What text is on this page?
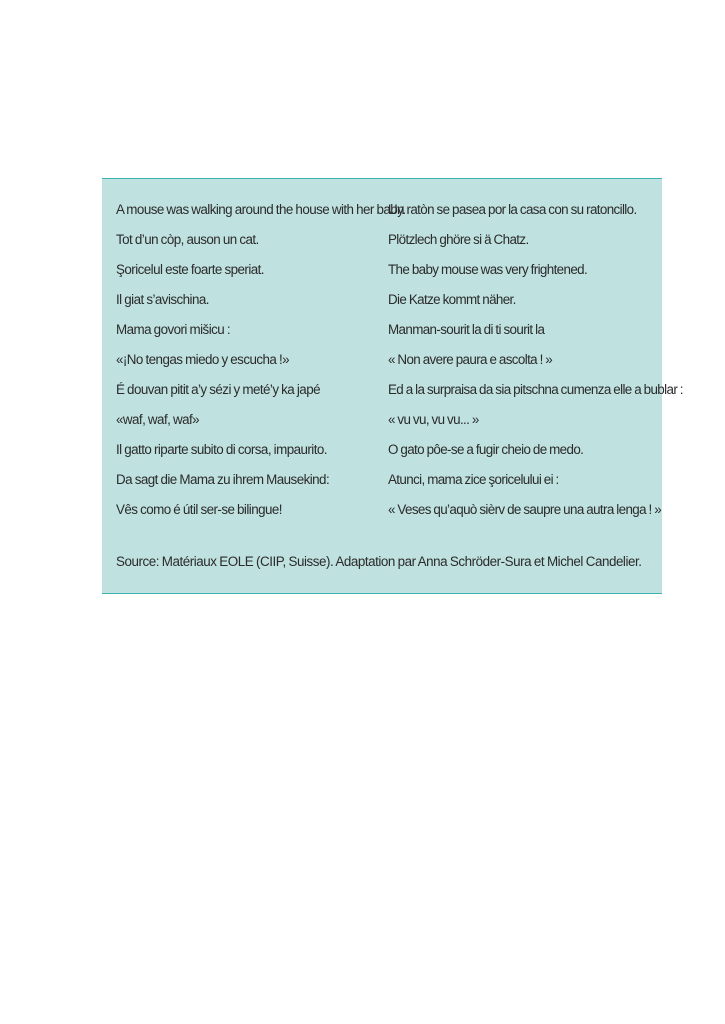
A mouse was walking around the house with her baby.
Tot d’un còp, auson un cat.
Şoricelul este foarte speriat.
Il giat s’avischina.
Mama govori mišicu :
«¡No tengas miedo y escucha !»
É douvan pitit a’y sézi y meté’y ka japé
«waf, waf, waf»
Il gatto riparte subito di corsa, impaurito.
Da sagt die Mama zu ihrem Mausekind:
Vês como é útil ser-se bilingue!
Un ratòn se pasea por la casa con su ratoncillo.
Plötzlech ghöre si ä Chatz.
The baby mouse was very frightened.
Die Katze kommt näher.
Manman-sourit la di ti sourit la
« Non avere paura e ascolta ! »
Ed a la surpraisa da sia pitschna cumenza elle a bublar :
« vu vu, vu vu... »
O gato pôe-se a fugir cheio de medo.
Atunci, mama zice şoricelului ei :
« Veses qu’aquò sièrv de saupre una autra lenga ! »
Source: Matériaux EOLE (CIIP, Suisse). Adaptation par Anna Schröder-Sura et Michel Candelier.
